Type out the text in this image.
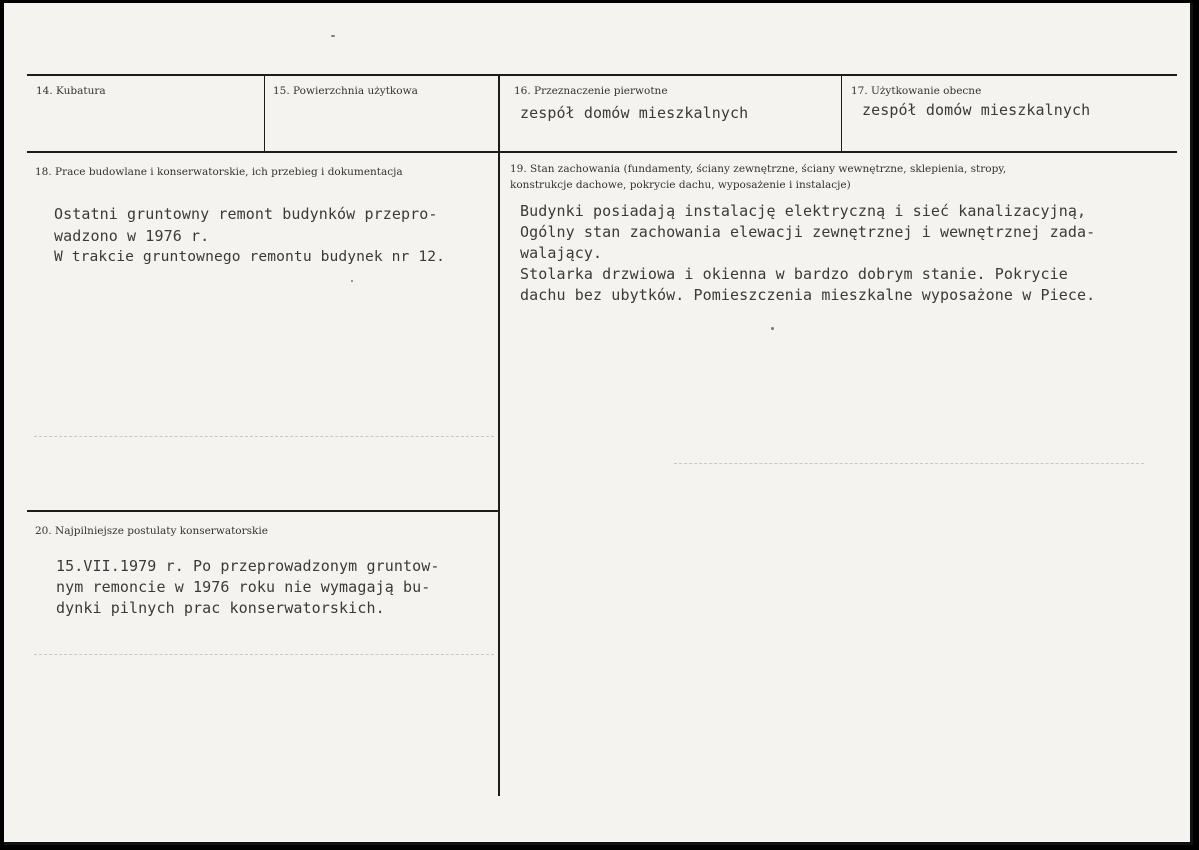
14. Kubatura	15. Powierzchnia użytkowa	16. Przeznaczenie pierwotne
zespół domów mieszkalnych
17. Użytkowanie obecne
zespół domów mieszkalnych
18. Prace budowlane i konserwatorskie, ich przebieg i dokumentacja
Ostatni gruntowny remont budynków przepro-
wadzono w 1976 r.
W trakcie gruntownego remontu budynek nr 12.
19. Stan zachowania (fundamenty, ściany zewnętrzne, ściany wewnętrzne, sklepienia, stropy,
konstrukcje dachowe, pokrycie dachu, wyposażenie i instalacje)
Budynki posiadają instalację elektryczną i sieć kanalizacyjną,
Ogólny stan zachowania elewacji zewnętrznej i wewnętrznej zada-
walający.
Stolarka drzwiowa i okienna w bardzo dobrym stanie. Pokrycie
dachu bez ubytków. Pomieszczenia mieszkalne wyposażone w Piece.
20. Najpilniejsze postulaty konserwatorskie
15.VII.1979 r. Po przeprowadzonym gruntow-
nym remoncie w 1976 roku nie wymagają bu-
dynki pilnych prac konserwatorskich.
